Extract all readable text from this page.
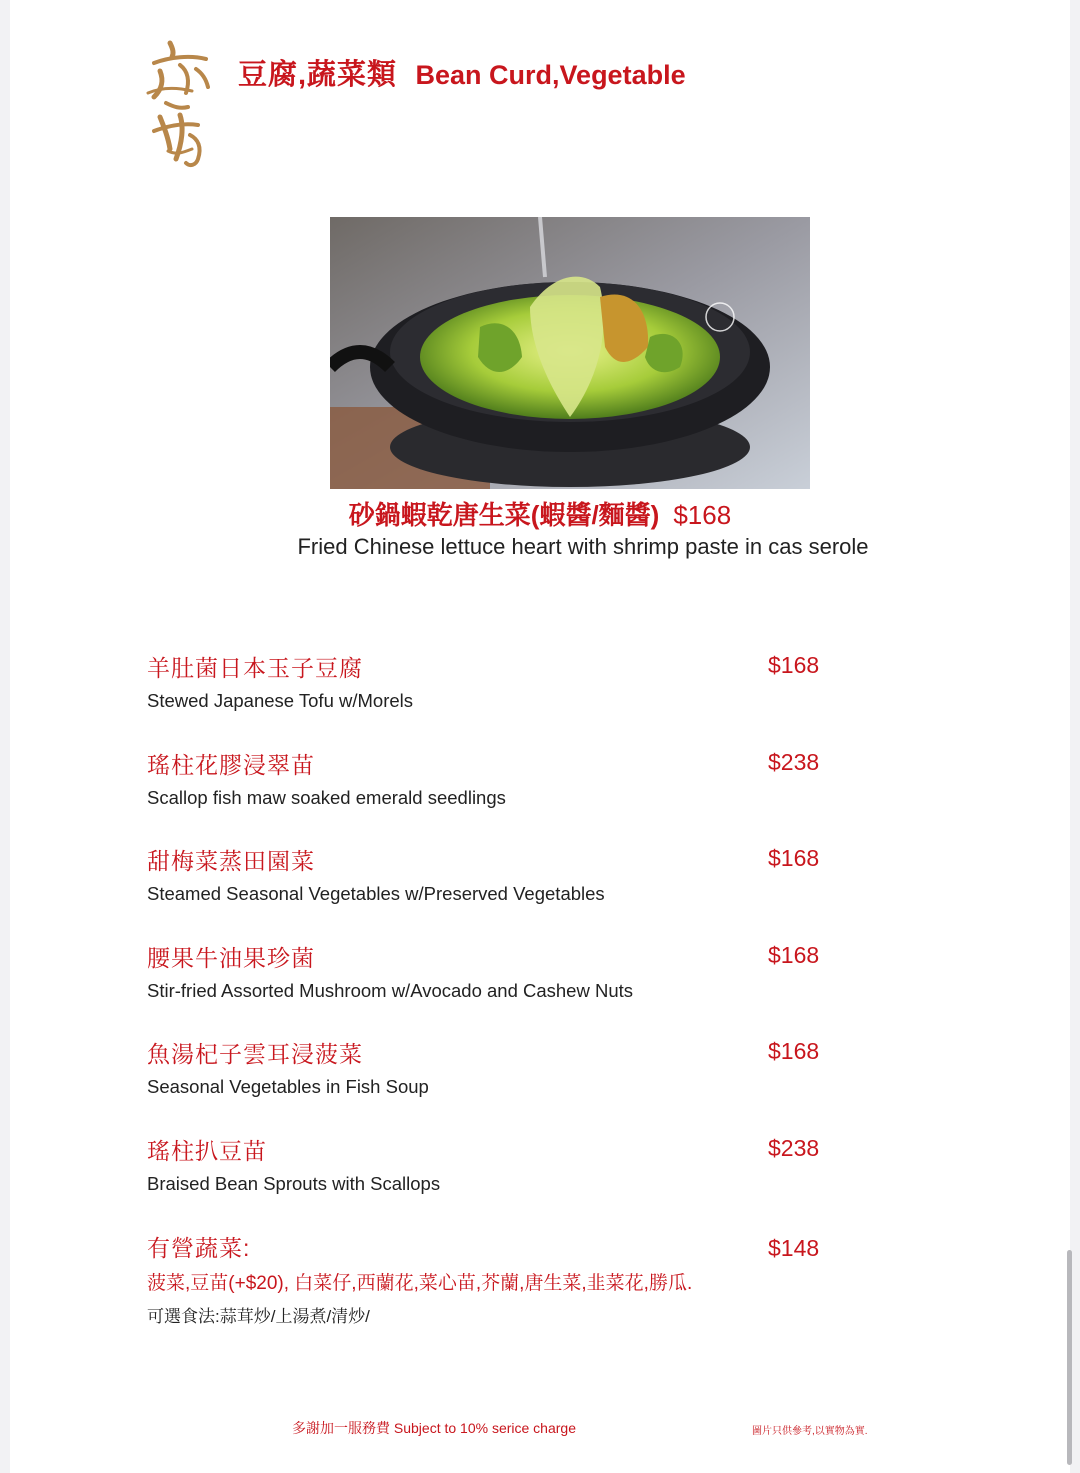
豆腐,蔬菜類 Bean Curd,Vegetable
砂鍋蝦乾唐生菜(蝦醬/麵醬) $168
Fried Chinese lettuce heart with shrimp paste in cas serole
羊肚菌日本玉子豆腐	$168
Stewed Japanese Tofu w/Morels
瑤柱花膠浸翠苗	$238
Scallop fish maw soaked emerald seedlings
甜梅菜蒸田園菜	$168
Steamed Seasonal Vegetables w/Preserved Vegetables
腰果牛油果珍菌	$168
Stir-fried Assorted Mushroom w/Avocado and Cashew Nuts
魚湯杞子雲耳浸菠菜	$168
Seasonal Vegetables in Fish Soup
瑤柱扒豆苗	$238
Braised Bean Sprouts with Scallops
有營蔬菜:	$148
菠菜,豆苗(+$20), 白菜仔,西蘭花,菜心苗,芥蘭,唐生菜,韭菜花,勝瓜.
可選食法:蒜茸炒/上湯煮/清炒/
多謝加一服務費 Subject to 10% serice charge	圖片只供參考,以實物為實.
